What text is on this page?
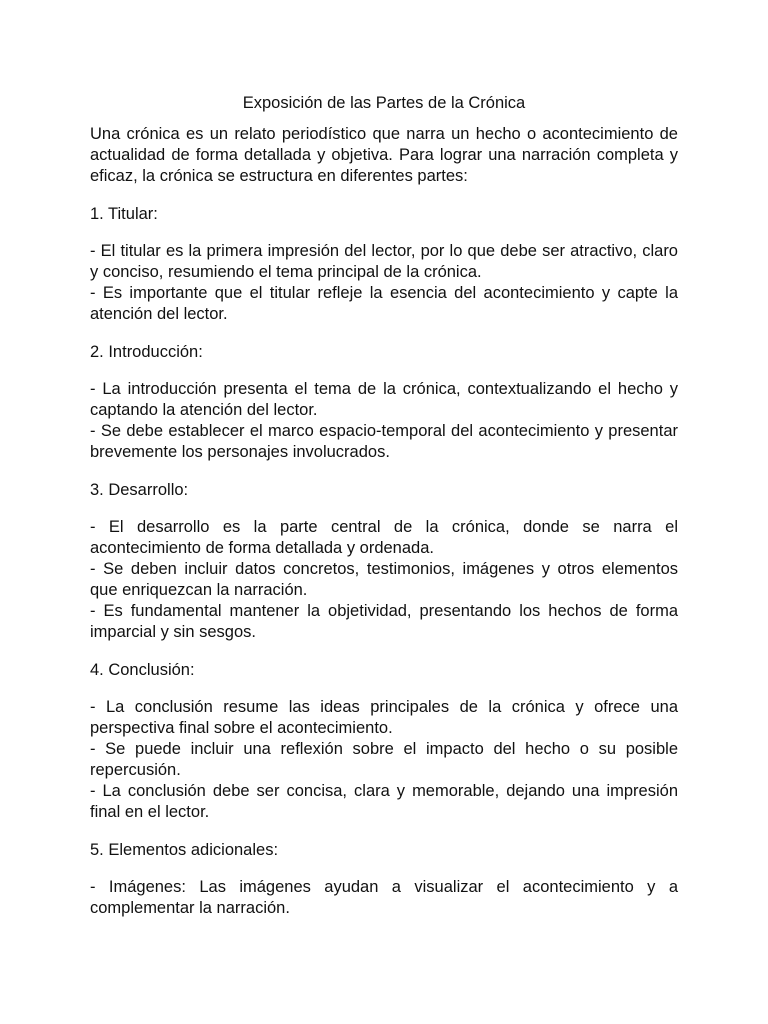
Exposición de las Partes de la Crónica

Una crónica es un relato periodístico que narra un hecho o acontecimiento de actualidad de forma detallada y objetiva. Para lograr una narración completa y eficaz, la crónica se estructura en diferentes partes:

1. Titular:

- El titular es la primera impresión del lector, por lo que debe ser atractivo, claro y conciso, resumiendo el tema principal de la crónica.

- Es importante que el titular refleje la esencia del acontecimiento y capte la atención del lector.

2. Introducción:

- La introducción presenta el tema de la crónica, contextualizando el hecho y captando la atención del lector.

- Se debe establecer el marco espacio-temporal del acontecimiento y presentar brevemente los personajes involucrados.

3. Desarrollo:

- El desarrollo es la parte central de la crónica, donde se narra el acontecimiento de forma detallada y ordenada.

- Se deben incluir datos concretos, testimonios, imágenes y otros elementos que enriquezcan la narración.

- Es fundamental mantener la objetividad, presentando los hechos de forma imparcial y sin sesgos.

4. Conclusión:

- La conclusión resume las ideas principales de la crónica y ofrece una perspectiva final sobre el acontecimiento.

- Se puede incluir una reflexión sobre el impacto del hecho o su posible repercusión.

- La conclusión debe ser concisa, clara y memorable, dejando una impresión final en el lector.

5. Elementos adicionales:

- Imágenes: Las imágenes ayudan a visualizar el acontecimiento y a complementar la narración.
